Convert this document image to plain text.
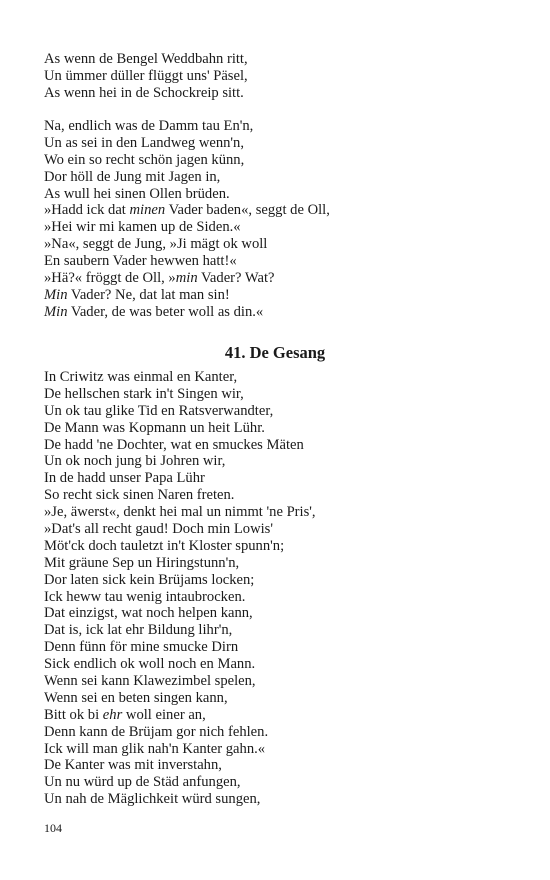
As wenn de Bengel Weddbahn ritt,
Un ümmer düller flüggt uns' Päsel,
As wenn hei in de Schockreip sitt.
Na, endlich was de Damm tau En'n,
Un as sei in den Landweg wenn'n,
Wo ein so recht schön jagen künn,
Dor höll de Jung mit Jagen in,
As wull hei sinen Ollen brüden.
»Hadd ick dat minen Vader baden«, seggt de Oll,
»Hei wir mi kamen up de Siden.«
»Na«, seggt de Jung, »Ji mägt ok woll
En saubern Vader hewwen hatt!«
»Hä?« fröggt de Oll, »min Vader? Wat?
Min Vader? Ne, dat lat man sin!
Min Vader, de was beter woll as din.«
41. De Gesang
In Criwitz was einmal en Kanter,
De hellschen stark in't Singen wir,
Un ok tau glike Tid en Ratsverwandter,
De Mann was Kopmann un heit Lühr.
De hadd 'ne Dochter, wat en smuckes Mäten
Un ok noch jung bi Johren wir,
In de hadd unser Papa Lühr
So recht sick sinen Naren freten.
»Je, äwerst«, denkt hei mal un nimmt 'ne Pris',
»Dat's all recht gaud! Doch min Lowis'
Möt'ck doch tauletzt in't Kloster spunn'n;
Mit gräune Sep un Hiringstunn'n,
Dor laten sick kein Brüjams locken;
Ick heww tau wenig intaubrocken.
Dat einzigst, wat noch helpen kann,
Dat is, ick lat ehr Bildung lihr'n,
Denn fünn för mine smucke Dirn
Sick endlich ok woll noch en Mann.
Wenn sei kann Klawezimbel spelen,
Wenn sei en beten singen kann,
Bitt ok bi ehr woll einer an,
Denn kann de Brüjam gor nich fehlen.
Ick will man glik nah'n Kanter gahn.«
De Kanter was mit inverstahn,
Un nu würd up de Städ anfungen,
Un nah de Mäglichkeit würd sungen,
104
